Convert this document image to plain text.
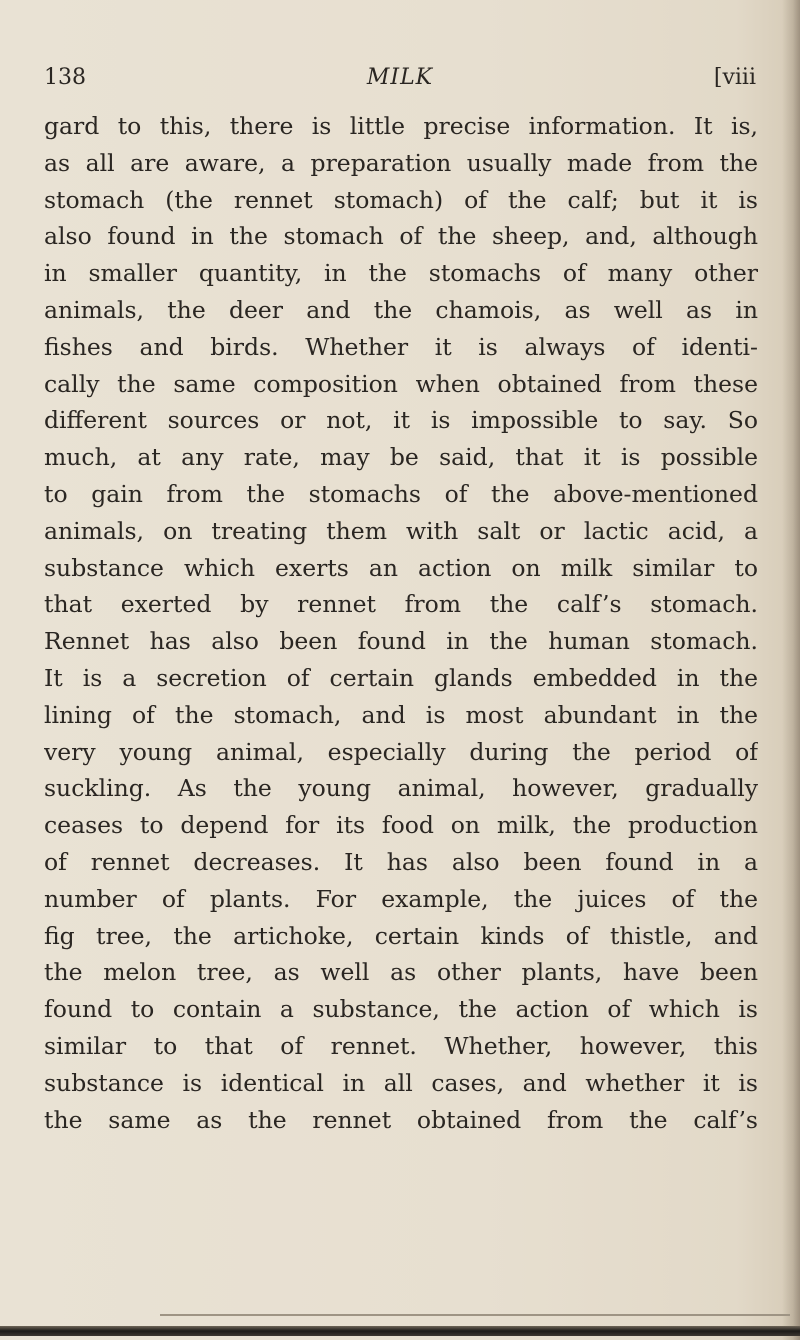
138	MILK	[viii
gard to this, there is little precise information. It is,
as all are aware, a preparation usually made from the
stomach (the rennet stomach) of the calf; but it is
also found in the stomach of the sheep, and, although
in smaller quantity, in the stomachs of many other
animals, the deer and the chamois, as well as in
fishes and birds. Whether it is always of identi-
cally the same composition when obtained from these
different sources or not, it is impossible to say. So
much, at any rate, may be said, that it is possible
to gain from the stomachs of the above-mentioned
animals, on treating them with salt or lactic acid, a
substance which exerts an action on milk similar to
that exerted by rennet from the calf’s stomach.
Rennet has also been found in the human stomach.
It is a secretion of certain glands embedded in the
lining of the stomach, and is most abundant in the
very young animal, especially during the period of
suckling. As the young animal, however, gradually
ceases to depend for its food on milk, the production
of rennet decreases. It has also been found in a
number of plants. For example, the juices of the
fig tree, the artichoke, certain kinds of thistle, and
the melon tree, as well as other plants, have been
found to contain a substance, the action of which is
similar to that of rennet. Whether, however, this
substance is identical in all cases, and whether it is
the same as the rennet obtained from the calf’s
